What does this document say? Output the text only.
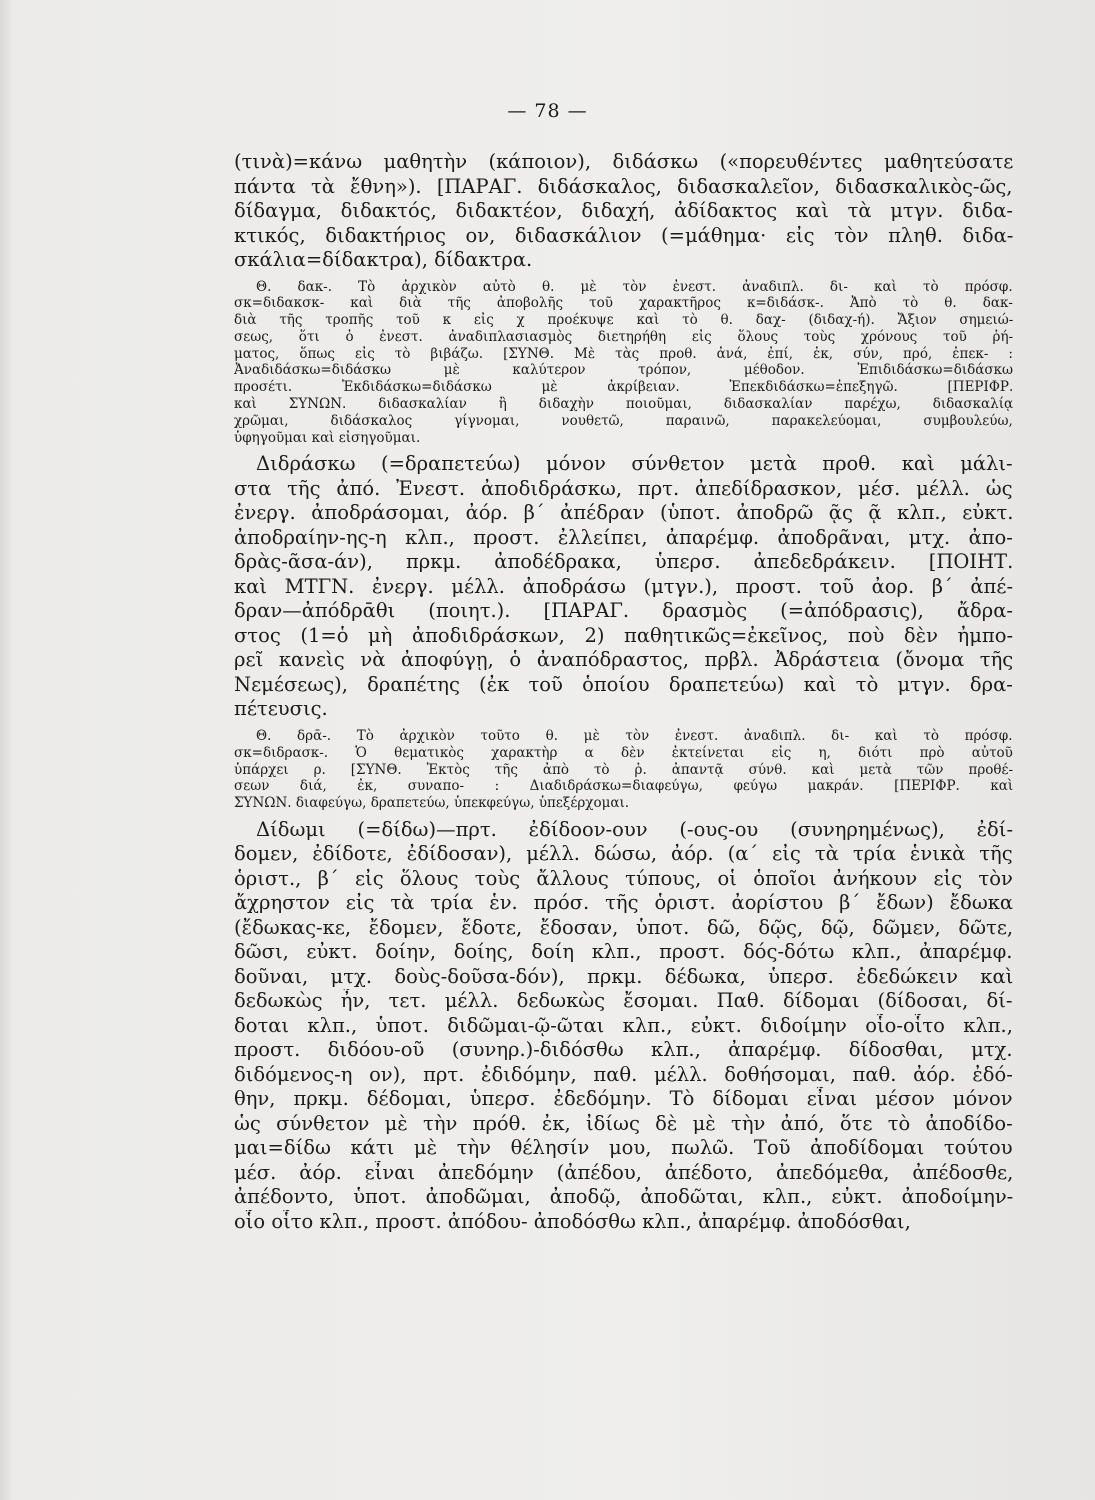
— 78 —
(τινὰ)=κάνω μαθητὴν (κάποιον), διδάσκω («πορευθέντες μαθητεύσατε
πάντα τὰ ἔθνη»). [ΠΑΡΑΓ. διδάσκαλος, διδασκαλεῖον, διδασκαλικὸς-ῶς,
δίδαγμα, διδακτός, διδακτέον, διδαχή, ἀδίδακτος καὶ τὰ μτγν. διδα-
κτικός, διδακτήριος ον, διδασκάλιον (=μάθημα· εἰς τὸν πληθ. διδα-
σκάλια=δίδακτρα), δίδακτρα.
Θ. δακ-. Τὸ ἀρχικὸν αὐτὸ θ. μὲ τὸν ἐνεστ. ἀναδιπλ. δι- καὶ τὸ πρόσφ.
σκ=διδακσκ- καὶ διὰ τῆς ἀποβολῆς τοῦ χαρακτῆρος κ=διδάσκ-. Ἀπὸ τὸ θ. δακ-
διὰ τῆς τροπῆς τοῦ κ εἰς χ προέκυψε καὶ τὸ θ. δαχ- (διδαχ-ή). Ἄξιον σημειώ-
σεως, ὅτι ὁ ἐνεστ. ἀναδιπλασιασμὸς διετηρήθη εἰς ὅλους τοὺς χρόνους τοῦ ῥή-
ματος, ὅπως εἰς τὸ βιβάζω. [ΣΥΝΘ. Μὲ τὰς προθ. ἀνά, ἐπί, ἐκ, σύν, πρό, ἐπεκ- :
Ἀναδιδάσκω=διδάσκω μὲ καλύτερον τρόπον, μέθοδον. Ἐπιδιδάσκω=διδάσκω
προσέτι. Ἐκδιδάσκω=διδάσκω μὲ ἀκρίβειαν. Ἐπεκδιδάσκω=ἐπεξηγῶ. [ΠΕΡΙΦΡ.
καὶ ΣΥΝΩΝ. διδασκαλίαν ἢ διδαχὴν ποιοῦμαι, διδασκαλίαν παρέχω, διδασκαλίᾳ
χρῶμαι, διδάσκαλος γίγνομαι, νουθετῶ, παραινῶ, παρακελεύομαι, συμβουλεύω,
ὑφηγοῦμαι καὶ εἰσηγοῦμαι.
Διδράσκω (=δραπετεύω) μόνον σύνθετον μετὰ προθ. καὶ μάλι-
στα τῆς ἀπό. Ἐνεστ. ἀποδιδράσκω, πρτ. ἀπεδίδρασκον, μέσ. μέλλ. ὡς
ἐνεργ. ἀποδράσομαι, ἀόρ. β΄ ἀπέδραν (ὑποτ. ἀποδρῶ ᾷς ᾷ κλπ., εὐκτ.
ἀποδραίην-ης-η κλπ., προστ. ἐλλείπει, ἀπαρέμφ. ἀποδρᾶναι, μτχ. ἀπο-
δρὰς-ᾶσα-άν), πρκμ. ἀποδέδρακα, ὑπερσ. ἀπεδεδράκειν. [ΠΟΙΗΤ.
καὶ ΜΤΓΝ. ἐνεργ. μέλλ. ἀποδράσω (μτγν.), προστ. τοῦ ἀορ. β΄ ἀπέ-
δραν—ἀπόδρᾱθι (ποιητ.). [ΠΑΡΑΓ. δρασμὸς (=ἀπόδρασις), ἄδρα-
στος (1=ὁ μὴ ἀποδιδράσκων, 2) παθητικῶς=ἐκεῖνος, ποὺ δὲν ἠμπο-
ρεῖ κανεὶς νὰ ἀποφύγῃ, ὁ ἀναπόδραστος, πρβλ. Ἀδράστεια (ὄνομα τῆς
Νεμέσεως), δραπέτης (ἐκ τοῦ ὁποίου δραπετεύω) καὶ τὸ μτγν. δρα-
πέτευσις.
Θ. δρᾱ-. Τὸ ἀρχικὸν τοῦτο θ. μὲ τὸν ἐνεστ. ἀναδιπλ. δι- καὶ τὸ πρόσφ.
σκ=διδρασκ-. Ὁ θεματικὸς χαρακτὴρ α δὲν ἐκτείνεται εἰς η, διότι πρὸ αὐτοῦ
ὑπάρχει ρ. [ΣΥΝΘ. Ἐκτὸς τῆς ἀπὸ τὸ ῥ. ἀπαντᾷ σύνθ. καὶ μετὰ τῶν προθέ-
σεων διά, ἐκ, συναπο- : Διαδιδράσκω=διαφεύγω, φεύγω μακράν. [ΠΕΡΙΦΡ. καὶ
ΣΥΝΩΝ. διαφεύγω, δραπετεύω, ὑπεκφεύγω, ὑπεξέρχομαι.
Δίδωμι (=δίδω)—πρτ. ἐδίδοον-ουν (-ους-ου (συνηρημένως), ἐδί-
δομεν, ἐδίδοτε, ἐδίδοσαν), μέλλ. δώσω, ἀόρ. (α΄ εἰς τὰ τρία ἑνικὰ τῆς
ὁριστ., β΄ εἰς ὅλους τοὺς ἄλλους τύπους, οἱ ὁποῖοι ἀνήκουν εἰς τὸν
ἄχρηστον εἰς τὰ τρία ἑν. πρόσ. τῆς ὁριστ. ἀορίστου β΄ ἔδων) ἔδωκα
(ἔδωκας-κε, ἔδομεν, ἔδοτε, ἔδοσαν, ὑποτ. δῶ, δῷς, δῷ, δῶμεν, δῶτε,
δῶσι, εὐκτ. δοίην, δοίης, δοίη κλπ., προστ. δός-δότω κλπ., ἀπαρέμφ.
δοῦναι, μτχ. δοὺς-δοῦσα-δόν), πρκμ. δέδωκα, ὑπερσ. ἐδεδώκειν καὶ
δεδωκὼς ἦν, τετ. μέλλ. δεδωκὼς ἔσομαι. Παθ. δίδομαι (δίδοσαι, δί-
δοται κλπ., ὑποτ. διδῶμαι-ῷ-ῶται κλπ., εὐκτ. διδοίμην οἷο-οἷτο κλπ.,
προστ. διδόου-οῦ (συνηρ.)-διδόσθω κλπ., ἀπαρέμφ. δίδοσθαι, μτχ.
διδόμενος-η ον), πρτ. ἐδιδόμην, παθ. μέλλ. δοθήσομαι, παθ. ἀόρ. ἐδό-
θην, πρκμ. δέδομαι, ὑπερσ. ἐδεδόμην. Τὸ δίδομαι εἶναι μέσον μόνον
ὡς σύνθετον μὲ τὴν πρόθ. ἐκ, ἰδίως δὲ μὲ τὴν ἀπό, ὅτε τὸ ἀποδίδο-
μαι=δίδω κάτι μὲ τὴν θέλησίν μου, πωλῶ. Τοῦ ἀποδίδομαι τούτου
μέσ. ἀόρ. εἶναι ἀπεδόμην (ἀπέδου, ἀπέδοτο, ἀπεδόμεθα, ἀπέδοσθε,
ἀπέδοντο, ὑποτ. ἀποδῶμαι, ἀποδῷ, ἀποδῶται, κλπ., εὐκτ. ἀποδοίμην-
οἷο οἷτο κλπ., προστ. ἀπόδου- ἀποδόσθω κλπ., ἀπαρέμφ. ἀποδόσθαι,
